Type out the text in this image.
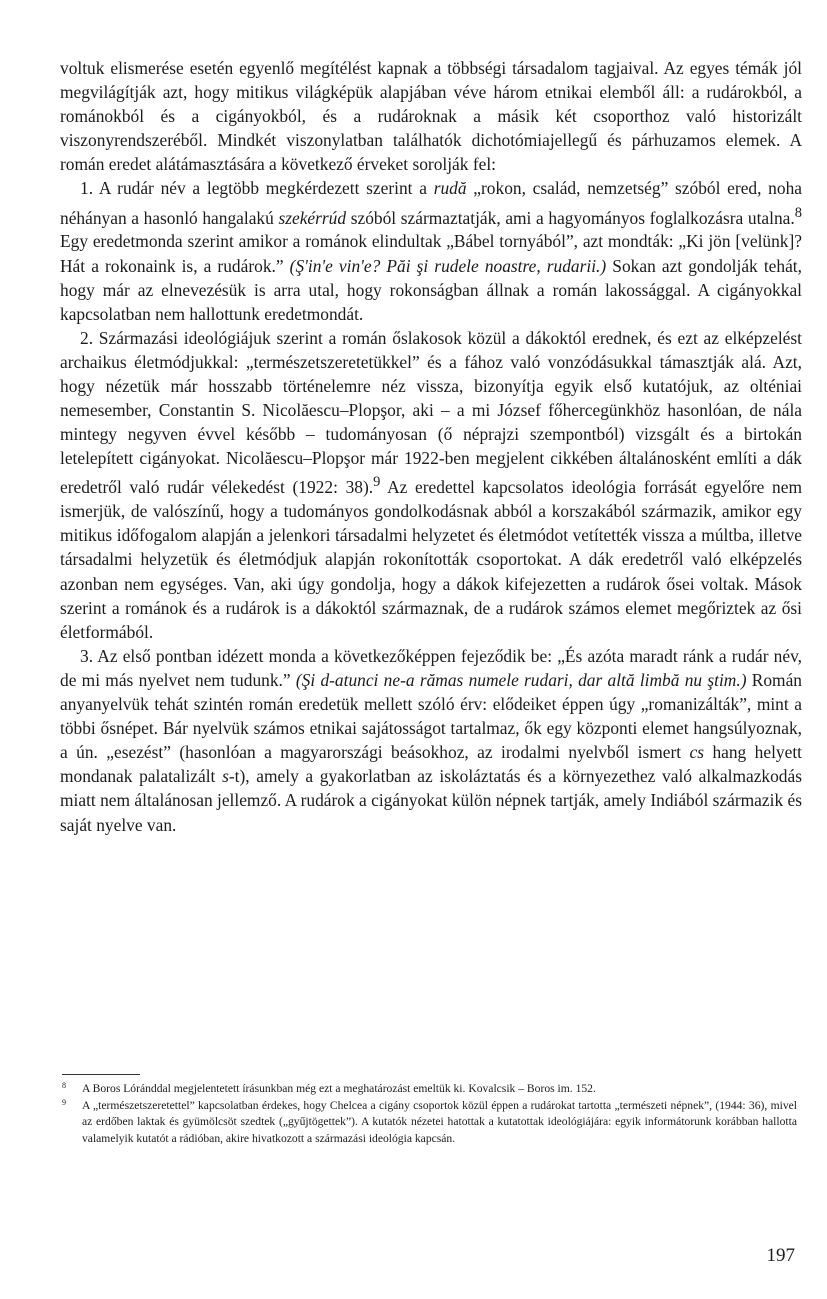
voltuk elismerése esetén egyenlő megítélést kapnak a többségi társadalom tagjaival. Az egyes témák jól megvilágítják azt, hogy mitikus világképük alapjában véve három etnikai elemből áll: a rudárokból, a románokból és a cigányokból, és a rudároknak a másik két csoporthoz való historizált viszonyrendszeréből. Mindkét viszonylatban találhatók dichotómiajellegű és párhuzamos elemek. A román eredet alátámasztására a következő érveket sorolják fel:

1. A rudár név a legtöbb megkérdezett szerint a rudă „rokon, család, nemzetség” szóból ered, noha néhányan a hasonló hangalakú szekérrúd szóból származtatják, ami a hagyományos foglalkozásra utalna.$^8$ Egy eredetmonda szerint amikor a románok elindultak „Bábel tornyából”, azt mondták: „Ki jön [velünk]? Hát a rokonaink is, a rudárok.” (Ş'in'e vin'e? Păi şi rudele noastre, rudarii.) Sokan azt gondolják tehát, hogy már az elnevezésük is arra utal, hogy rokonságban állnak a román lakossággal. A cigányokkal kapcsolatban nem hallottunk eredetmondát.

2. Származási ideológiájuk szerint a román őslakosok közül a dákoktól erednek, és ezt az elképzelést archaikus életmódjukkal: „természetszeretetükkel” és a fához való vonzódásukkal támasztják alá. Azt, hogy nézetük már hosszabb történelemre néz vissza, bizonyítja egyik első kutatójuk, az olténiai nemesember, Constantin S. Nicolăescu–Plopşor, aki – a mi József főhercegünkhöz hasonlóan, de nála mintegy negyven évvel később – tudományosan (ő néprajzi szempontból) vizsgált és a birtokán letelepített cigányokat. Nicolăescu–Plopşor már 1922-ben megjelent cikkében általánosként említi a dák eredetről való rudár vélekedést (1922: 38).$^9$ Az eredettel kapcsolatos ideológia forrását egyelőre nem ismerjük, de valószínű, hogy a tudományos gondolkodásnak abból a korszakából származik, amikor egy mitikus időfogalom alapján a jelenkori társadalmi helyzetet és életmódot vetítették vissza a múltba, illetve társadalmi helyzetük és életmódjuk alapján rokonították csoportokat. A dák eredetről való elképzelés azonban nem egységes. Van, aki úgy gondolja, hogy a dákok kifejezetten a rudárok ősei voltak. Mások szerint a románok és a rudárok is a dákoktól származnak, de a rudárok számos elemet megőriztek az ősi életformából.

3. Az első pontban idézett monda a következőképpen fejeződik be: „És azóta maradt ránk a rudár név, de mi más nyelvet nem tudunk.” (Şi d-atunci ne-a rămas numele rudari, dar altă limbă nu ştim.) Román anyanyelvük tehát szintén román eredetük mellett szóló érv: elődeiket éppen úgy „romanizálták”, mint a többi ősnépet. Bár nyelvük számos etnikai sajátosságot tartalmaz, ők egy központi elemet hangsúlyoznak, a ún. „esezést” (hasonlóan a magyarországi beásokhoz, az irodalmi nyelvből ismert cs hang helyett mondanak palatalizált s-t), amely a gyakorlatban az iskoláztatás és a környezethez való alkalmazkodás miatt nem általánosan jellemző. A rudárok a cigányokat külön népnek tartják, amely Indiából származik és saját nyelve van.

8 A Boros Lóránddal megjelentetett írásunkban még ezt a meghatározást emeltük ki. Kovalcsik – Boros im. 152.

9 A „természetszeretettel” kapcsolatban érdekes, hogy Chelcea a cigány csoportok közül éppen a rudárokat tartotta „természeti népnek”, (1944: 36), mivel az erdőben laktak és gyümölcsöt szedtek („gyűjtögettek”). A kutatók nézetei hatottak a kutatottak ideológiájára: egyik informátorunk korábban hallotta valamelyik kutatót a rádióban, akire hivatkozott a származási ideológia kapcsán.

197
